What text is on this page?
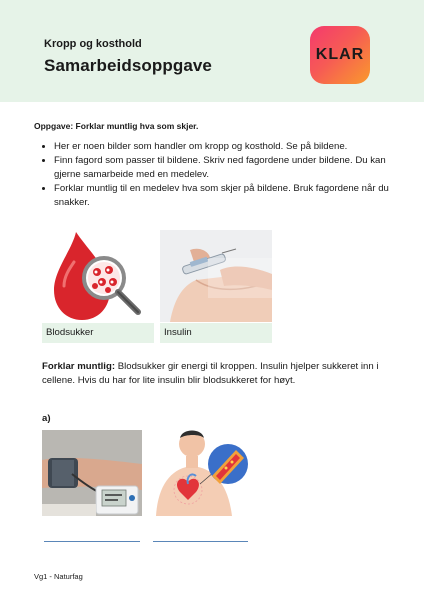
Kropp og kosthold
Samarbeidsoppgave
KLAR
Oppgave: Forklar muntlig hva som skjer.
• Her er noen bilder som handler om kropp og kosthold. Se på bildene.
• Finn fagord som passer til bildene. Skriv ned fagordene under bildene. Du kan gjerne samarbeide med en medelev.
• Forklar muntlig til en medelev hva som skjer på bildene. Bruk fagordene når du snakker.
Blodsukker	Insulin
Forklar muntlig: Blodsukker gir energi til kroppen. Insulin hjelper sukkeret inn i cellene. Hvis du har for lite insulin blir blodsukkeret for høyt.
a)
Vg1 - Naturfag
